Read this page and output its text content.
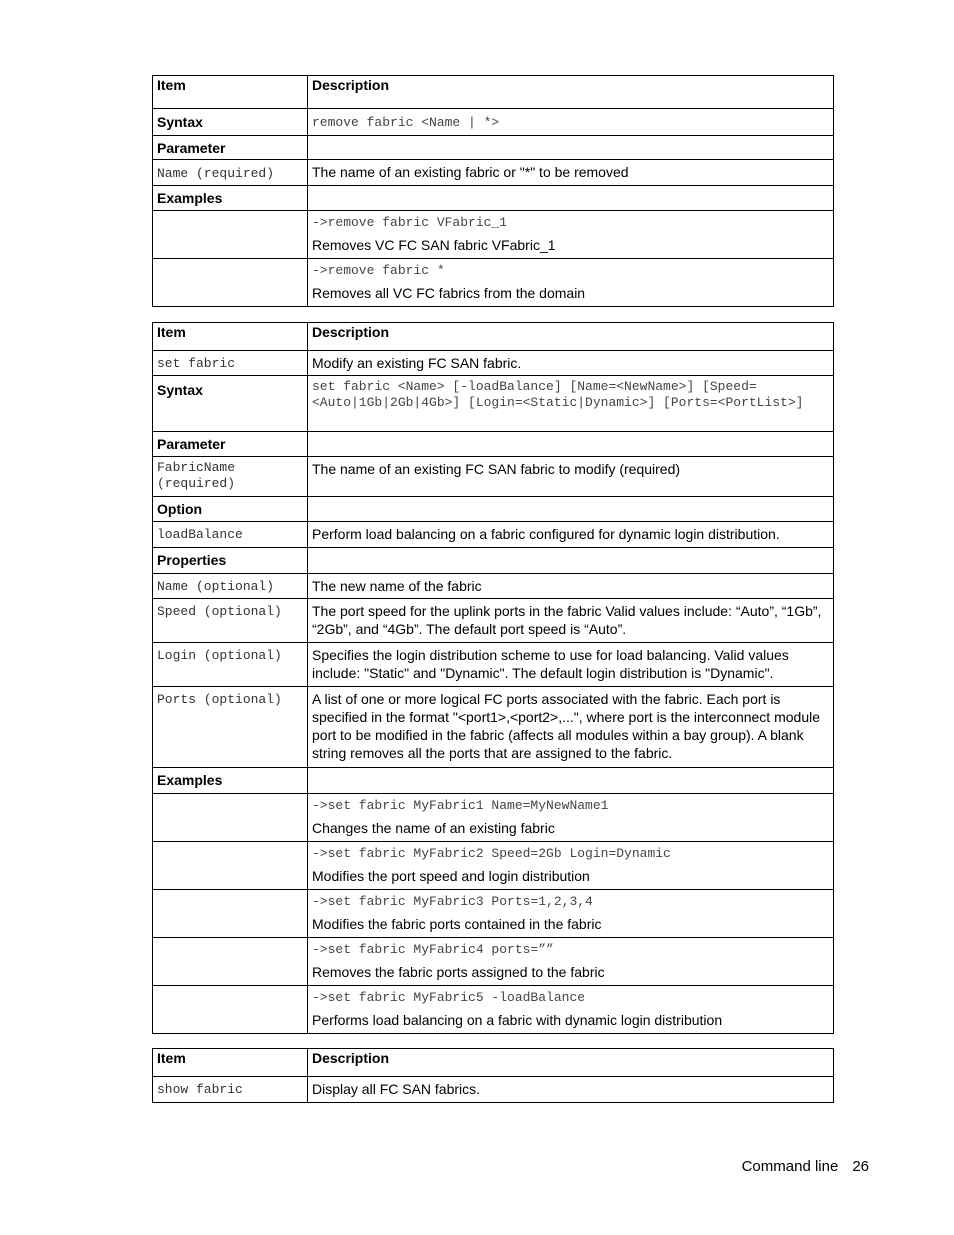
Item	Description
Syntax	remove fabric <Name | *>
Parameter	
Name (required)	The name of an existing fabric or "*" to be removed
Examples	

	->remove fabric VFabric_1
Removes VC FC SAN fabric VFabric_1

	->remove fabric *
Removes all VC FC fabrics from the domain
Item	Description
set fabric	Modify an existing FC SAN fabric.
Syntax	set fabric <Name> [-loadBalance] [Name=<NewName>] [Speed=<Auto|1Gb|2Gb|4Gb>] [Login=<Static|Dynamic>] [Ports=<PortList>]

Parameter	

FabricName (required)	The name of an existing FC SAN fabric to modify (required)
Option	
loadBalance	Perform load balancing on a fabric configured for dynamic login distribution.
Properties	
Name (optional)	The new name of the fabric
Speed (optional)	The port speed for the uplink ports in the fabric Valid values include: “Auto”, “1Gb”, “2Gb”, and “4Gb”. The default port speed is “Auto”.
Login (optional)	Specifies the login distribution scheme to use for load balancing. Valid values include: "Static" and "Dynamic". The default login distribution is "Dynamic".
Ports (optional)	A list of one or more logical FC ports associated with the fabric. Each port is specified in the format "<port1>,<port2>,...", where port is the interconnect module port to be modified in the fabric (affects all modules within a bay group). A blank string removes all the ports that are assigned to the fabric.
Examples	

	->set fabric MyFabric1 Name=MyNewName1
Changes the name of an existing fabric

	->set fabric MyFabric2 Speed=2Gb Login=Dynamic
Modifies the port speed and login distribution

	->set fabric MyFabric3 Ports=1,2,3,4
Modifies the fabric ports contained in the fabric

	->set fabric MyFabric4 ports=””
Removes the fabric ports assigned to the fabric

	->set fabric MyFabric5 -loadBalance
Performs load balancing on a fabric with dynamic login distribution
Item	Description
show fabric	Display all FC SAN fabrics.
Command line 26
